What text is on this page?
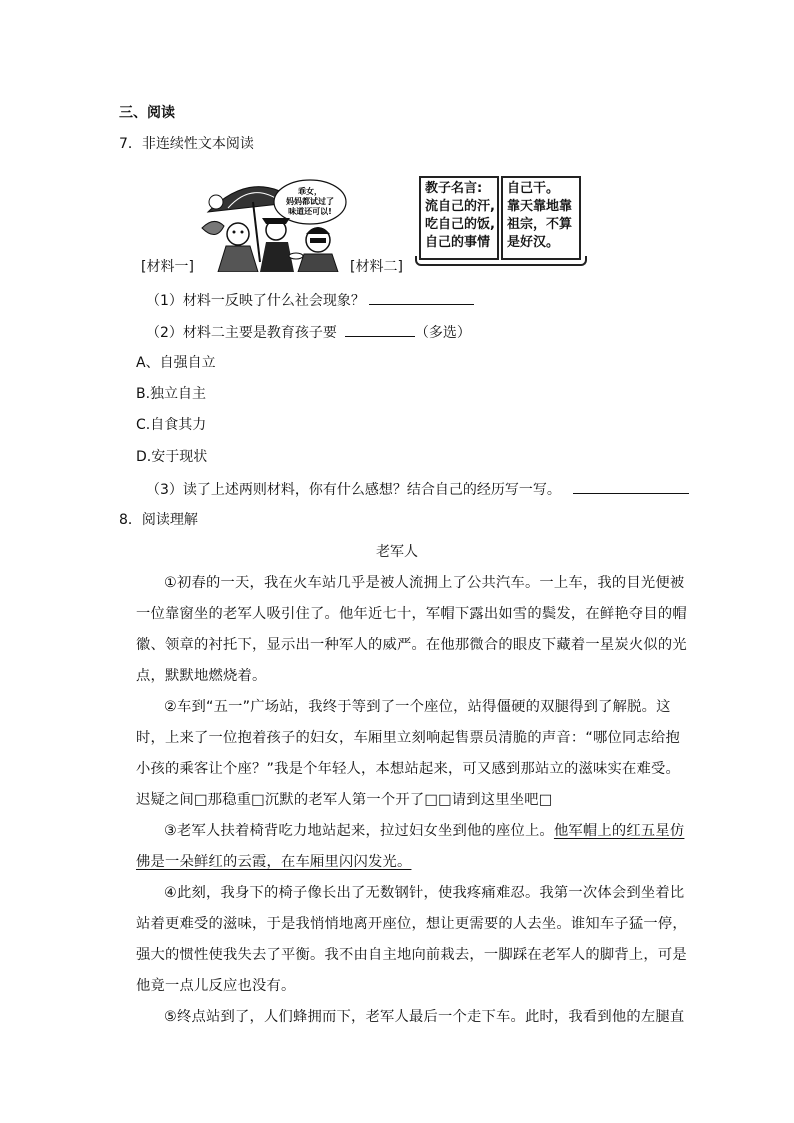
三、阅读
7．非连续性文本阅读
[材料一]
乖女，
妈妈都试过了
味道还可以!
[材料二]
教子名言:
流自己的汗,
吃自己的饭,
自己的事情
自己干。
靠天靠地靠
祖宗，不算
是好汉。
（1）材料一反映了什么社会现象？
（2）材料二主要是教育孩子要	（多选）
A、自强自立
B.独立自主
C.自食其力
D.安于现状
（3）读了上述两则材料，你有什么感想？结合自己的经历写一写。
8．阅读理解
老军人
①初春的一天，我在火车站几乎是被人流拥上了公共汽车。一上车，我的目光便被
一位靠窗坐的老军人吸引住了。他年近七十，军帽下露出如雪的鬓发，在鲜艳夺目的帽
徽、领章的衬托下，显示出一种军人的威严。在他那微合的眼皮下藏着一星炭火似的光
点，默默地燃烧着。
②车到“五一”广场站，我终于等到了一个座位，站得僵硬的双腿得到了解脱。这
时，上来了一位抱着孩子的妇女，车厢里立刻响起售票员清脆的声音：“哪位同志给抱
小孩的乘客让个座？”我是个年轻人，本想站起来，可又感到那站立的滋味实在难受。
迟疑之间□那稳重□沉默的老军人第一个开了□□请到这里坐吧□
③老军人扶着椅背吃力地站起来，拉过妇女坐到他的座位上。他军帽上的红五星仿
佛是一朵鲜红的云霞，在车厢里闪闪发光。
④此刻，我身下的椅子像长出了无数钢针，使我疼痛难忍。我第一次体会到坐着比
站着更难受的滋味，于是我悄悄地离开座位，想让更需要的人去坐。谁知车子猛一停，
强大的惯性使我失去了平衡。我不由自主地向前栽去，一脚踩在老军人的脚背上，可是
他竟一点儿反应也没有。
⑤终点站到了，人们蜂拥而下，老军人最后一个走下车。此时，我看到他的左腿直
